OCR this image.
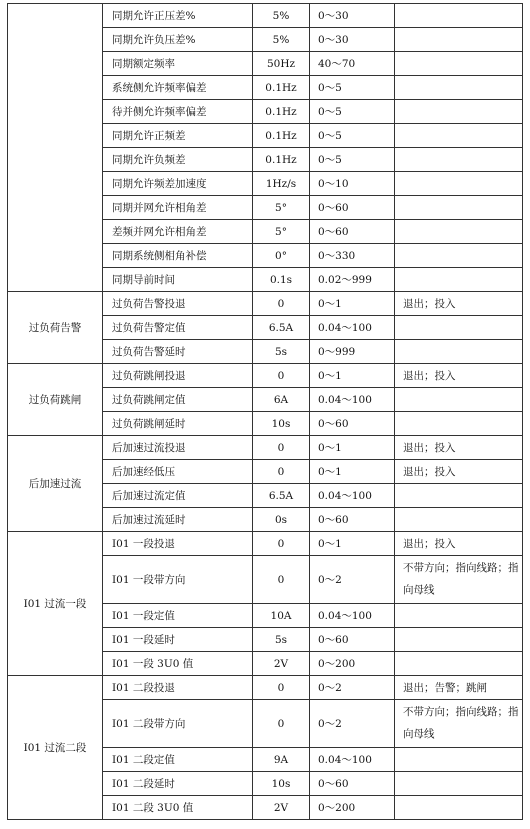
	同期允许正压差%	5%	0～30	
	同期允许负压差%	5%	0～30	
	同期额定频率	50Hz	40～70	
	系统侧允许频率偏差	0.1Hz	0～5	
	待并侧允许频率偏差	0.1Hz	0～5	
	同期允许正频差	0.1Hz	0～5	
	同期允许负频差	0.1Hz	0～5	
	同期允许频差加速度	1Hz/s	0～10	
	同期并网允许相角差	5°	0～60	
	差频并网允许相角差	5°	0～60	
	同期系统侧相角补偿	0°	0～330	
	同期导前时间	0.1s	0.02～999	
过负荷告警	过负荷告警投退	0	0～1	退出；投入
	过负荷告警定值	6.5A	0.04～100	
	过负荷告警延时	5s	0～999	
过负荷跳闸	过负荷跳闸投退	0	0～1	退出；投入
	过负荷跳闸定值	6A	0.04～100	
	过负荷跳闸延时	10s	0～60	
后加速过流	后加速过流投退	0	0～1	退出；投入
	后加速经低压	0	0～1	退出；投入
	后加速过流定值	6.5A	0.04～100	
	后加速过流延时	0s	0～60	
I01 过流一段	I01 一段投退	0	0～1	退出；投入
	I01 一段带方向	0	0～2	不带方向；指向线路；指向母线
	I01 一段定值	10A	0.04～100	
	I01 一段延时	5s	0～60	
	I01 一段 3U0 值	2V	0～200	
I01 过流二段	I01 二段投退	0	0～2	退出；告警；跳闸
	I01 二段带方向	0	0～2	不带方向；指向线路；指向母线
	I01 二段定值	9A	0.04～100	
	I01 二段延时	10s	0～60	
	I01 二段 3U0 值	2V	0～200	
